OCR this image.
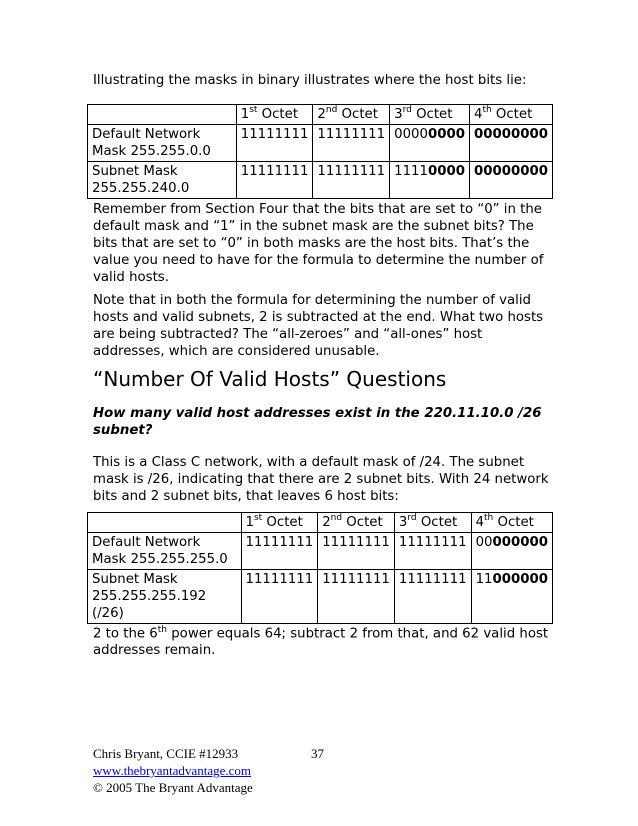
Illustrating the masks in binary illustrates where the host bits lie:

	1st Octet	2nd Octet	3rd Octet	4th Octet
Default Network Mask 255.255.0.0	11111111	11111111	00000000	00000000
Subnet Mask 255.255.240.0	11111111	11111111	11110000	00000000

Remember from Section Four that the bits that are set to “0” in the default mask and “1” in the subnet mask are the subnet bits? The bits that are set to “0” in both masks are the host bits. That’s the value you need to have for the formula to determine the number of valid hosts.

Note that in both the formula for determining the number of valid hosts and valid subnets, 2 is subtracted at the end. What two hosts are being subtracted? The “all-zeroes” and “all-ones” host addresses, which are considered unusable.

“Number Of Valid Hosts” Questions

How many valid host addresses exist in the 220.11.10.0 /26 subnet?

This is a Class C network, with a default mask of /24. The subnet mask is /26, indicating that there are 2 subnet bits. With 24 network bits and 2 subnet bits, that leaves 6 host bits:

	1st Octet	2nd Octet	3rd Octet	4th Octet
Default Network Mask 255.255.255.0	11111111	11111111	11111111	00000000
Subnet Mask 255.255.255.192 (/26)	11111111	11111111	11111111	11000000

2 to the 6th power equals 64; subtract 2 from that, and 62 valid host addresses remain.

Chris Bryant, CCIE #12933	37
www.thebryantadvantage.com
© 2005 The Bryant Advantage
